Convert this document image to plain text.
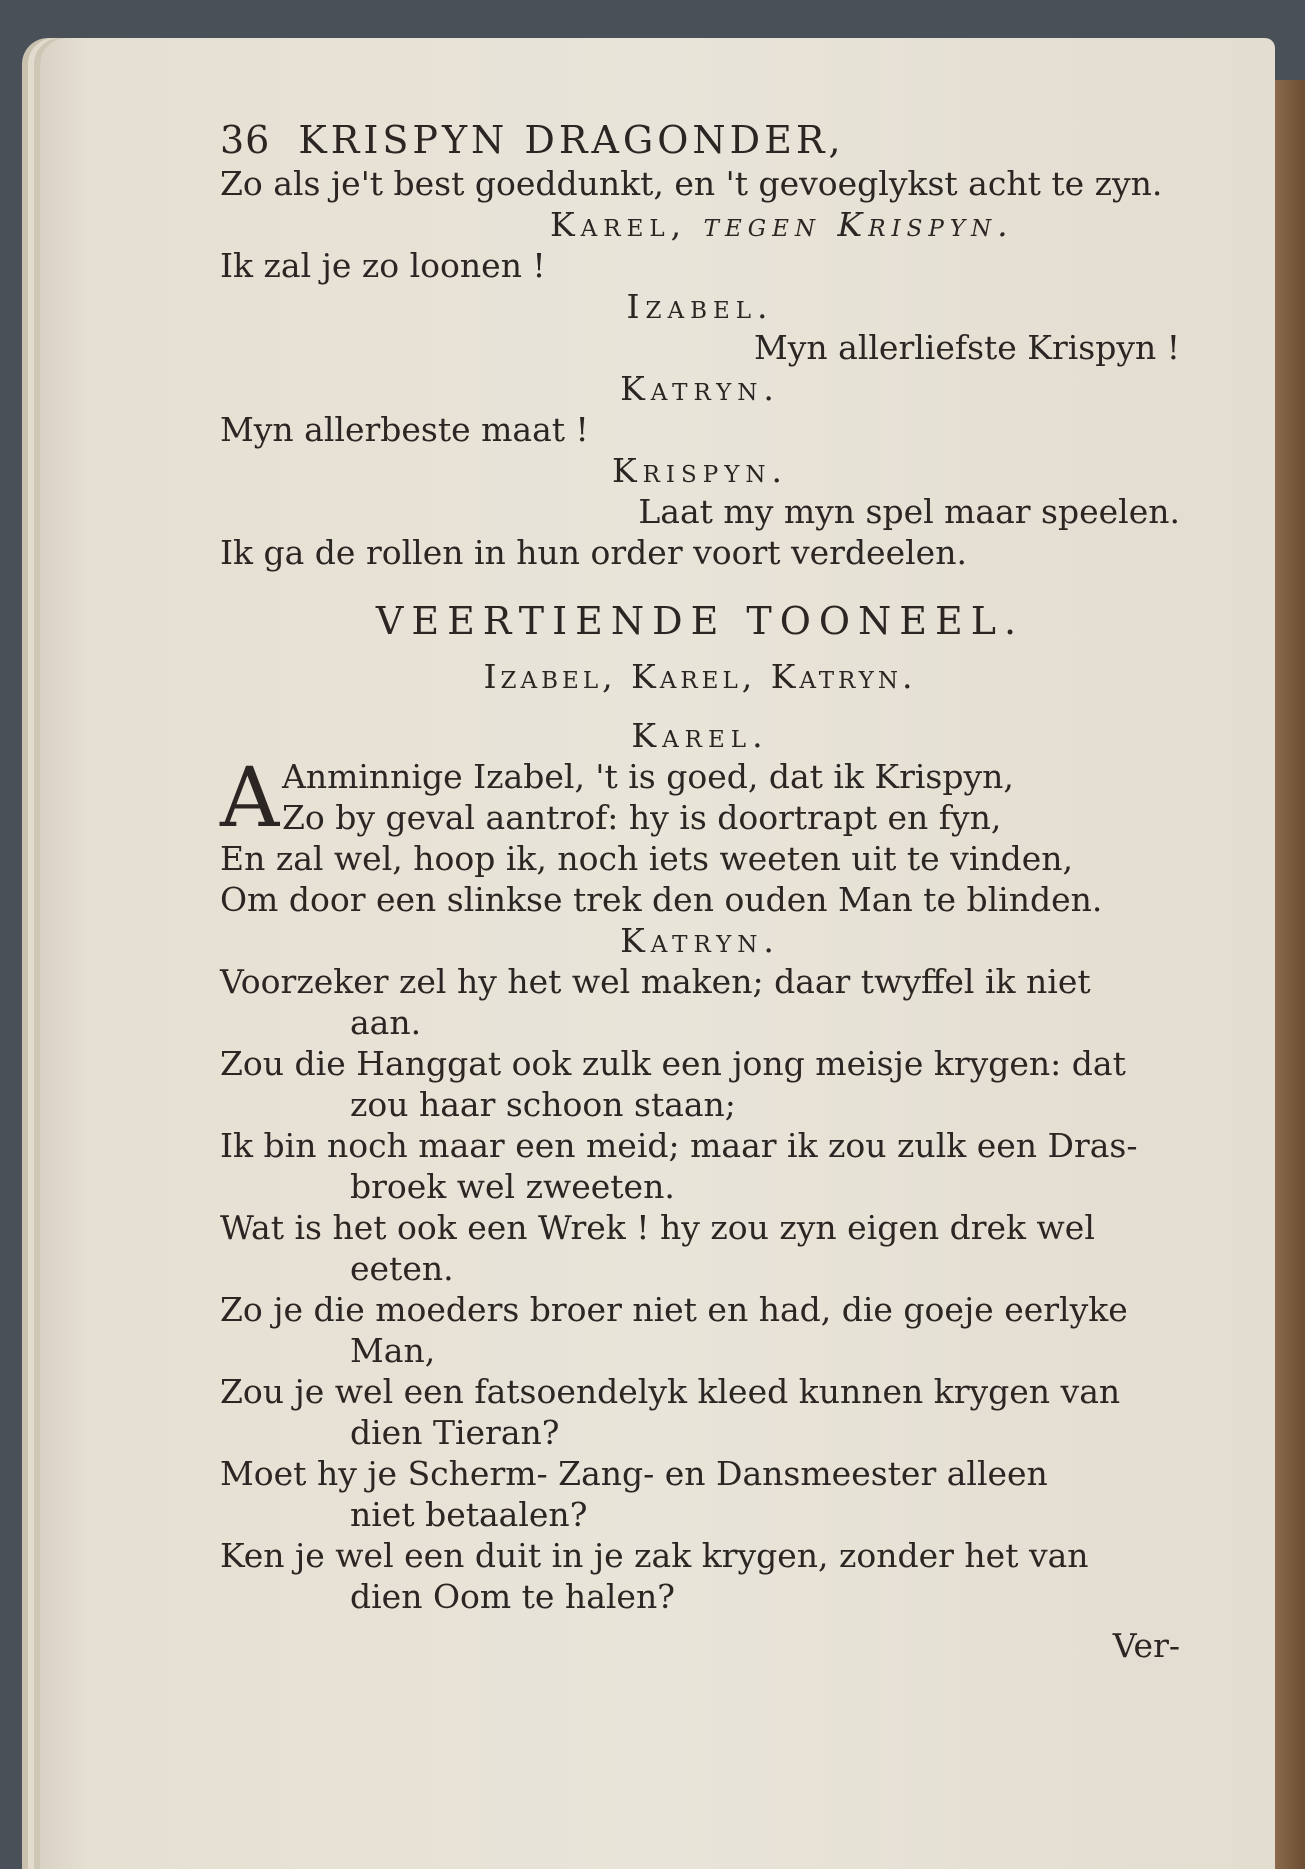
36 KRISPYN DRAGONDER,

Zo als je't best goeddunkt, en 't gevoeglykst acht te zyn.

Karel, tegen Krispyn.

Ik zal je zo loonen !

Izabel.

Myn allerliefste Krispyn !

Katryn.

Myn allerbeste maat !

Krispyn.

Laat my myn spel maar speelen.

Ik ga de rollen in hun order voort verdeelen.

VEERTIENDE TOONEEL.

Izabel, Karel, Katryn.

Karel.

A Anminnige Izabel, 't is goed, dat ik Krispyn,

Zo by geval aantrof: hy is doortrapt en fyn,

En zal wel, hoop ik, noch iets weeten uit te vinden,

Om door een slinkse trek den ouden Man te blinden.

Katryn.

Voorzeker zel hy het wel maken; daar twyffel ik niet

aan.

Zou die Hanggat ook zulk een jong meisje krygen: dat

zou haar schoon staan;

Ik bin noch maar een meid; maar ik zou zulk een Dras-

broek wel zweeten.

Wat is het ook een Wrek ! hy zou zyn eigen drek wel

eeten.

Zo je die moeders broer niet en had, die goeje eerlyke

Man,

Zou je wel een fatsoendelyk kleed kunnen krygen van

dien Tieran?

Moet hy je Scherm- Zang- en Dansmeester alleen

niet betaalen?

Ken je wel een duit in je zak krygen, zonder het van

dien Oom te halen?

Ver-
